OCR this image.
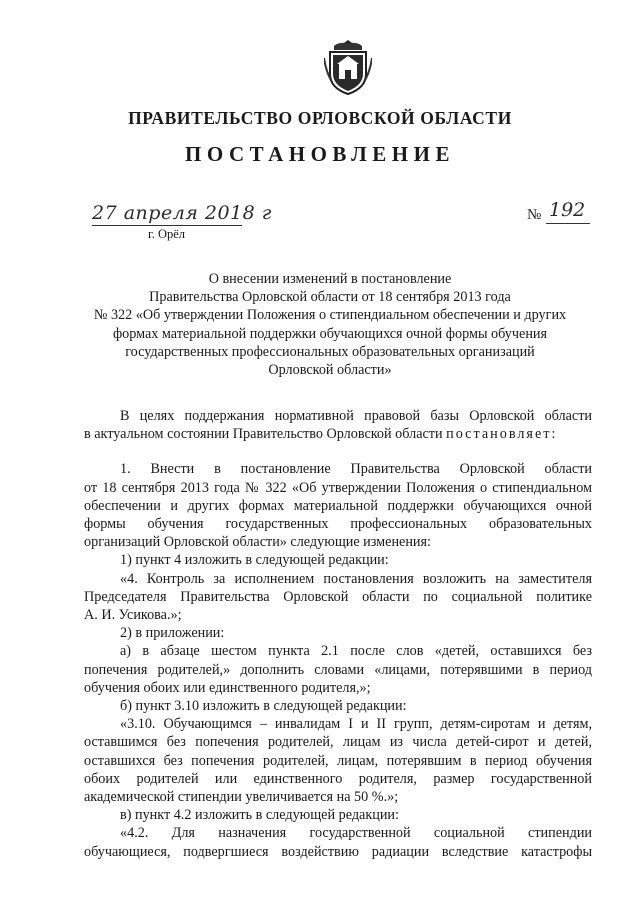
ПРАВИТЕЛЬСТВО ОРЛОВСКОЙ ОБЛАСТИ
ПОСТАНОВЛЕНИЕ
27 апреля 2018 г
г. Орёл
№ 192
О внесении изменений в постановление
Правительства Орловской области от 18 сентября 2013 года
№ 322 «Об утверждении Положения о стипендиальном обеспечении и других
формах материальной поддержки обучающихся очной формы обучения
государственных профессиональных образовательных организаций
Орловской области»

В целях поддержания нормативной правовой базы Орловской области

в актуальном состоянии Правительство Орловской области постановляет:

1. Внести в постановление Правительства Орловской области

от 18 сентября 2013 года № 322 «Об утверждении Положения о стипендиальном

обеспечении и других формах материальной поддержки обучающихся очной

формы обучения государственных профессиональных образовательных

организаций Орловской области» следующие изменения:

1) пункт 4 изложить в следующей редакции:

«4. Контроль за исполнением постановления возложить на заместителя

Председателя Правительства Орловской области по социальной политике

А. И. Усикова.»;

2) в приложении:

а) в абзаце шестом пункта 2.1 после слов «детей, оставшихся без

попечения родителей,» дополнить словами «лицами, потерявшими в период

обучения обоих или единственного родителя,»;

б) пункт 3.10 изложить в следующей редакции:

«3.10. Обучающимся – инвалидам I и II групп, детям-сиротам и детям,

оставшимся без попечения родителей, лицам из числа детей-сирот и детей,

оставшихся без попечения родителей, лицам, потерявшим в период обучения

обоих родителей или единственного родителя, размер государственной

академической стипендии увеличивается на 50 %.»;

в) пункт 4.2 изложить в следующей редакции:

«4.2. Для назначения государственной социальной стипендии

обучающиеся, подвергшиеся воздействию радиации вследствие катастрофы
